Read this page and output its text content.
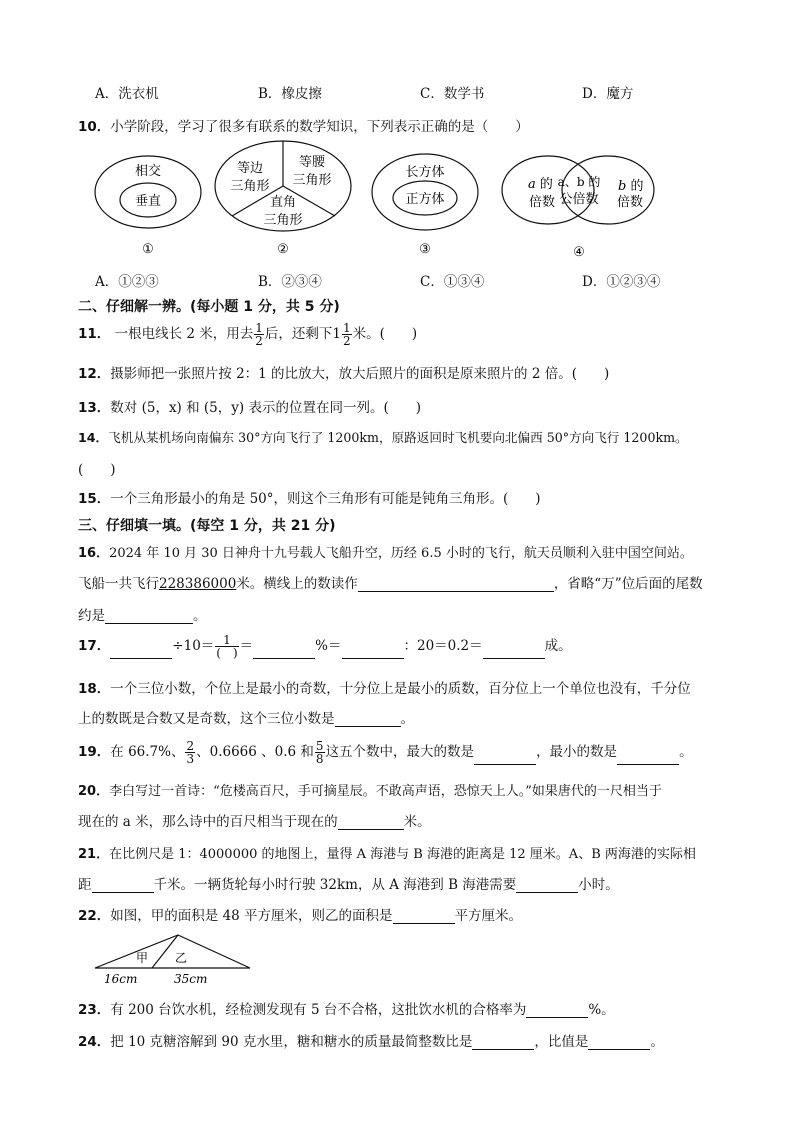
A．洗衣机	B．橡皮擦	C．数学书	D．魔方
10．小学阶段，学习了很多有联系的数学知识，下列表示正确的是（　　）
相交
垂直
①
等边
三角形
等腰
三角形
直角
三角形
②
长方体
正方体
③
a 的
倍数
a、b 的
公倍数
b 的
倍数
④
A．①②③	B．②③④	C．①③④	D．①②③④
二、仔细解一辨。(每小题 1 分，共 5 分)
11． 一根电线长 2 米，用去 $\frac{1}{2}$ 后，还剩下$1 \frac{1}{2}$ 米。(　　)
12．摄影师把一张照片按 2：1 的比放大，放大后照片的面积是原来照片的 2 倍。(　　)
13．数对 (5，x) 和 (5，y) 表示的位置在同一列。(　　)
14．飞机从某机场向南偏东 30°方向飞行了 1200km，原路返回时飞机要向北偏西 50°方向飞行 1200km。
(　　)
15．一个三角形最小的角是 50°，则这个三角形有可能是钝角三角形。(　　)
三、仔细填一填。(每空 1 分，共 21 分)
16．2024 年 10 月 30 日神舟十九号载人飞船升空，历经 6.5 小时的飞行，航天员顺利入驻中国空间站。
飞船一共飞行228386000米。横线上的数读作	，省略“万”位后面的尾数
约是	。
17．	$\div 10= \frac{1}{( )}$ ＝	%＝	：20＝0.2＝	成。
18．一个三位小数，个位上是最小的奇数，十分位上是最小的质数，百分位上一个单位也没有，千分位
上的数既是合数又是奇数，这个三位小数是	。
19．在 66.7%、 $\frac{2}{3}$ 、0.6666 、0.6 和 $\frac{5}{8}$ 这五个数中，最大的数是	，最小的数是	。
20．李白写过一首诗：“危楼高百尺，手可摘星辰。不敢高声语，恐惊天上人。”如果唐代的一尺相当于
现在的 a 米，那么诗中的百尺相当于现在的	米。
21．在比例尺是 1：4000000 的地图上，量得 A 海港与 B 海港的距离是 12 厘米。A、B 两海港的实际相
距	千米。一辆货轮每小时行驶 32km，从 A 海港到 B 海港需要	小时。
22．如图，甲的面积是 48 平方厘米，则乙的面积是	平方厘米。
甲 乙
16cm	35cm
23．有 200 台饮水机，经检测发现有 5 台不合格，这批饮水机的合格率为	%。
24．把 10 克糖溶解到 90 克水里，糖和糖水的质量最简整数比是	，比值是	。
